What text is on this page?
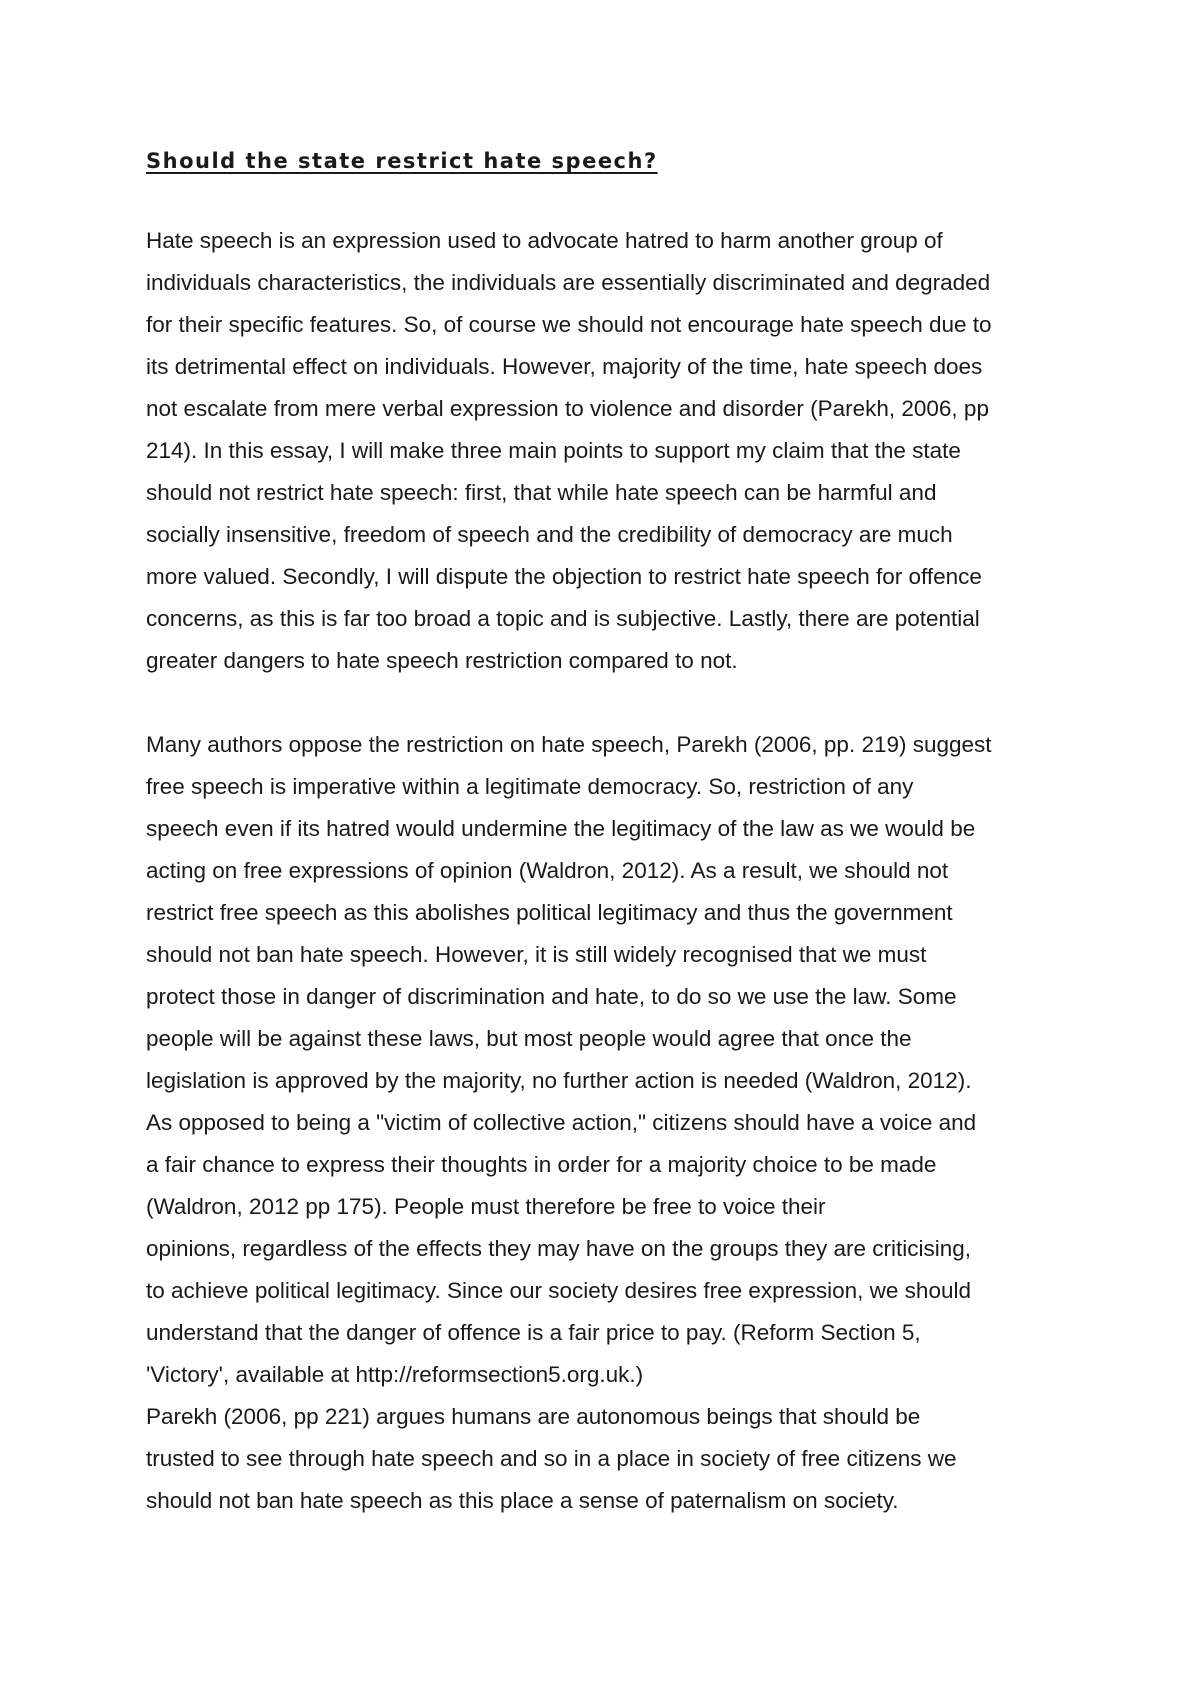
Should the state restrict hate speech?
Hate speech is an expression used to advocate hatred to harm another group of
individuals characteristics, the individuals are essentially discriminated and degraded
for their specific features. So, of course we should not encourage hate speech due to
its detrimental effect on individuals. However, majority of the time, hate speech does
not escalate from mere verbal expression to violence and disorder (Parekh, 2006, pp
214). In this essay, I will make three main points to support my claim that the state
should not restrict hate speech: first, that while hate speech can be harmful and
socially insensitive, freedom of speech and the credibility of democracy are much
more valued. Secondly, I will dispute the objection to restrict hate speech for offence
concerns, as this is far too broad a topic and is subjective. Lastly, there are potential
greater dangers to hate speech restriction compared to not.
Many authors oppose the restriction on hate speech, Parekh (2006, pp. 219) suggest
free speech is imperative within a legitimate democracy. So, restriction of any
speech even if its hatred would undermine the legitimacy of the law as we would be
acting on free expressions of opinion (Waldron, 2012). As a result, we should not
restrict free speech as this abolishes political legitimacy and thus the government
should not ban hate speech. However, it is still widely recognised that we must
protect those in danger of discrimination and hate, to do so we use the law. Some
people will be against these laws, but most people would agree that once the
legislation is approved by the majority, no further action is needed (Waldron, 2012).
As opposed to being a "victim of collective action," citizens should have a voice and
a fair chance to express their thoughts in order for a majority choice to be made
(Waldron, 2012 pp 175). People must therefore be free to voice their
opinions, regardless of the effects they may have on the groups they are criticising,
to achieve political legitimacy. Since our society desires free expression, we should
understand that the danger of offence is a fair price to pay. (Reform Section 5,
'Victory', available at http://reformsection5.org.uk.)
Parekh (2006, pp 221) argues humans are autonomous beings that should be
trusted to see through hate speech and so in a place in society of free citizens we
should not ban hate speech as this place a sense of paternalism on society.
